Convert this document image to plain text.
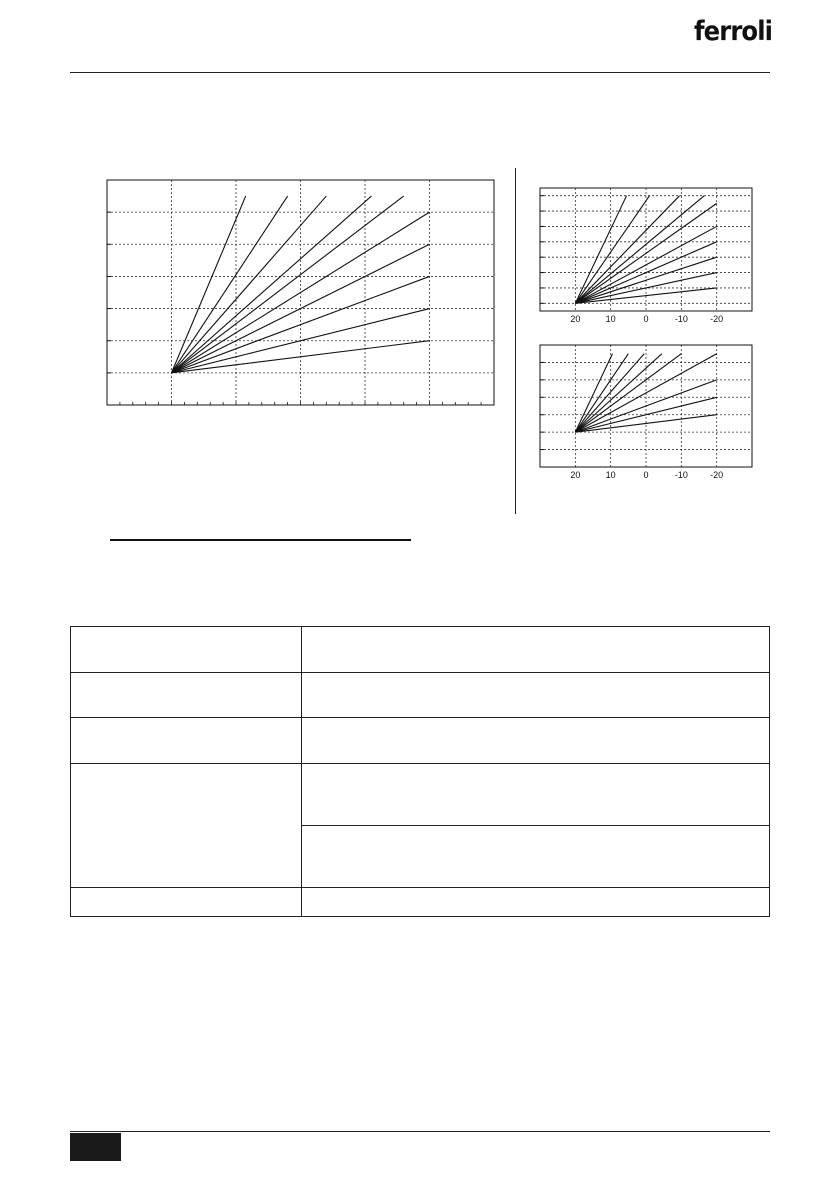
ferroli
20	10	0	-10 -20
20	10	0	-10 -20
